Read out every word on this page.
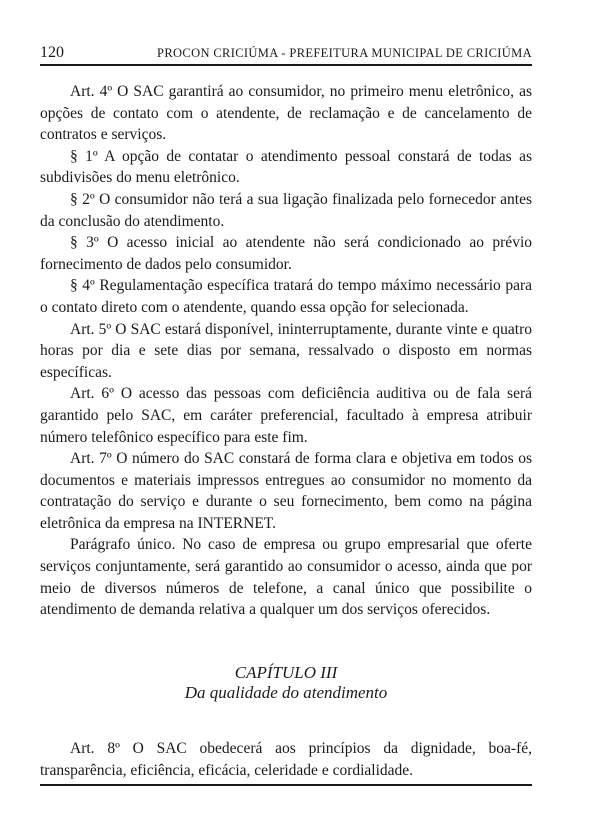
120	PROCON CRICIÚMA - PREFEITURA MUNICIPAL DE CRICIÚMA

Art. 4º O SAC garantirá ao consumidor, no primeiro menu eletrônico, as opções de contato com o atendente, de reclamação e de cancelamento de contratos e serviços.

§ 1º A opção de contatar o atendimento pessoal constará de todas as subdivisões do menu eletrônico.

§ 2º O consumidor não terá a sua ligação finalizada pelo fornecedor antes da conclusão do atendimento.

§ 3º O acesso inicial ao atendente não será condicionado ao prévio fornecimento de dados pelo consumidor.

§ 4º Regulamentação específica tratará do tempo máximo necessário para o contato direto com o atendente, quando essa opção for selecionada.

Art. 5º O SAC estará disponível, ininterruptamente, durante vinte e quatro horas por dia e sete dias por semana, ressalvado o disposto em normas específicas.

Art. 6º O acesso das pessoas com deficiência auditiva ou de fala será garantido pelo SAC, em caráter preferencial, facultado à empresa atribuir número telefônico específico para este fim.

Art. 7º O número do SAC constará de forma clara e objetiva em todos os documentos e materiais impressos entregues ao consumidor no momento da contratação do serviço e durante o seu fornecimento, bem como na página eletrônica da empresa na INTERNET.

Parágrafo único. No caso de empresa ou grupo empresarial que oferte serviços conjuntamente, será garantido ao consumidor o acesso, ainda que por meio de diversos números de telefone, a canal único que possibilite o atendimento de demanda relativa a qualquer um dos serviços oferecidos.

CAPÍTULO III

Da qualidade do atendimento

Art. 8º O SAC obedecerá aos princípios da dignidade, boa-fé, transparência, eficiência, eficácia, celeridade e cordialidade.
